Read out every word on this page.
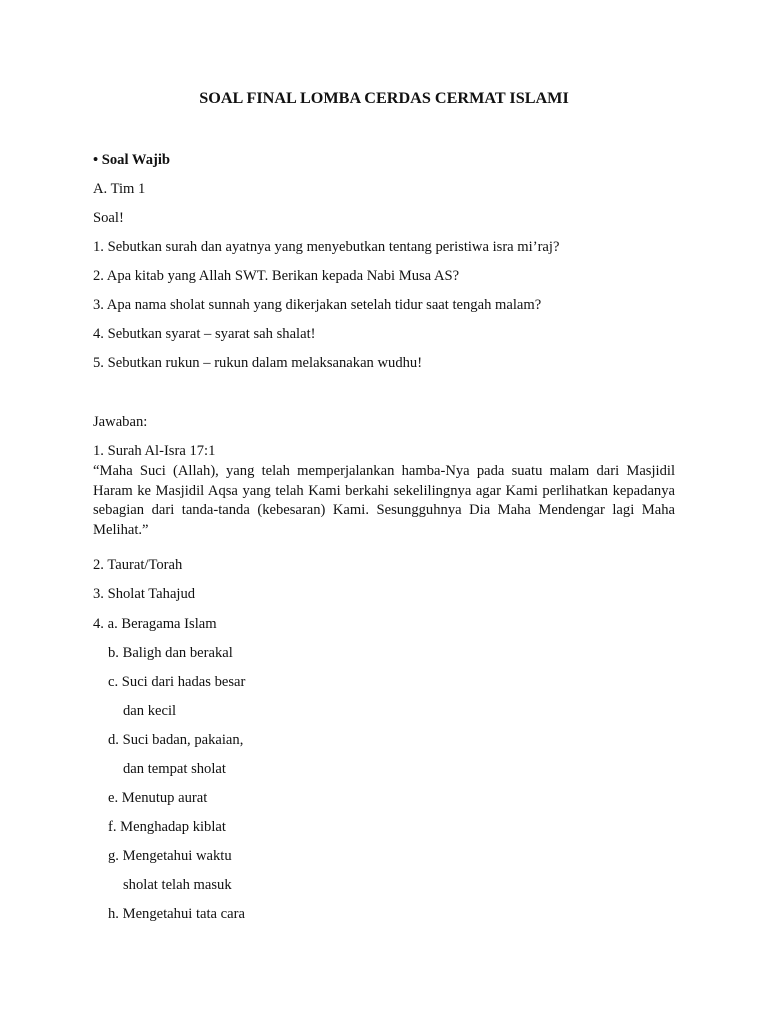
SOAL FINAL LOMBA CERDAS CERMAT ISLAMI
• Soal Wajib
A. Tim 1
Soal!
1. Sebutkan surah dan ayatnya yang menyebutkan tentang peristiwa isra mi’raj?
2. Apa kitab yang Allah SWT. Berikan kepada Nabi Musa AS?
3. Apa nama sholat sunnah yang dikerjakan setelah tidur saat tengah malam?
4. Sebutkan syarat – syarat sah shalat!
5. Sebutkan rukun – rukun dalam melaksanakan wudhu!
Jawaban:
1. Surah Al-Isra 17:1
“Maha Suci (Allah), yang telah memperjalankan hamba-Nya pada suatu malam dari Masjidil Haram ke Masjidil Aqsa yang telah Kami berkahi sekelilingnya agar Kami perlihatkan kepadanya sebagian dari tanda-tanda (kebesaran) Kami. Sesungguhnya Dia Maha Mendengar lagi Maha Melihat.”
2. Taurat/Torah
3. Sholat Tahajud
4. a. Beragama Islam
b. Baligh dan berakal
c. Suci dari hadas besar
dan kecil
d. Suci badan, pakaian,
dan tempat sholat
e. Menutup aurat
f. Menghadap kiblat
g. Mengetahui waktu
sholat telah masuk
h. Mengetahui tata cara
